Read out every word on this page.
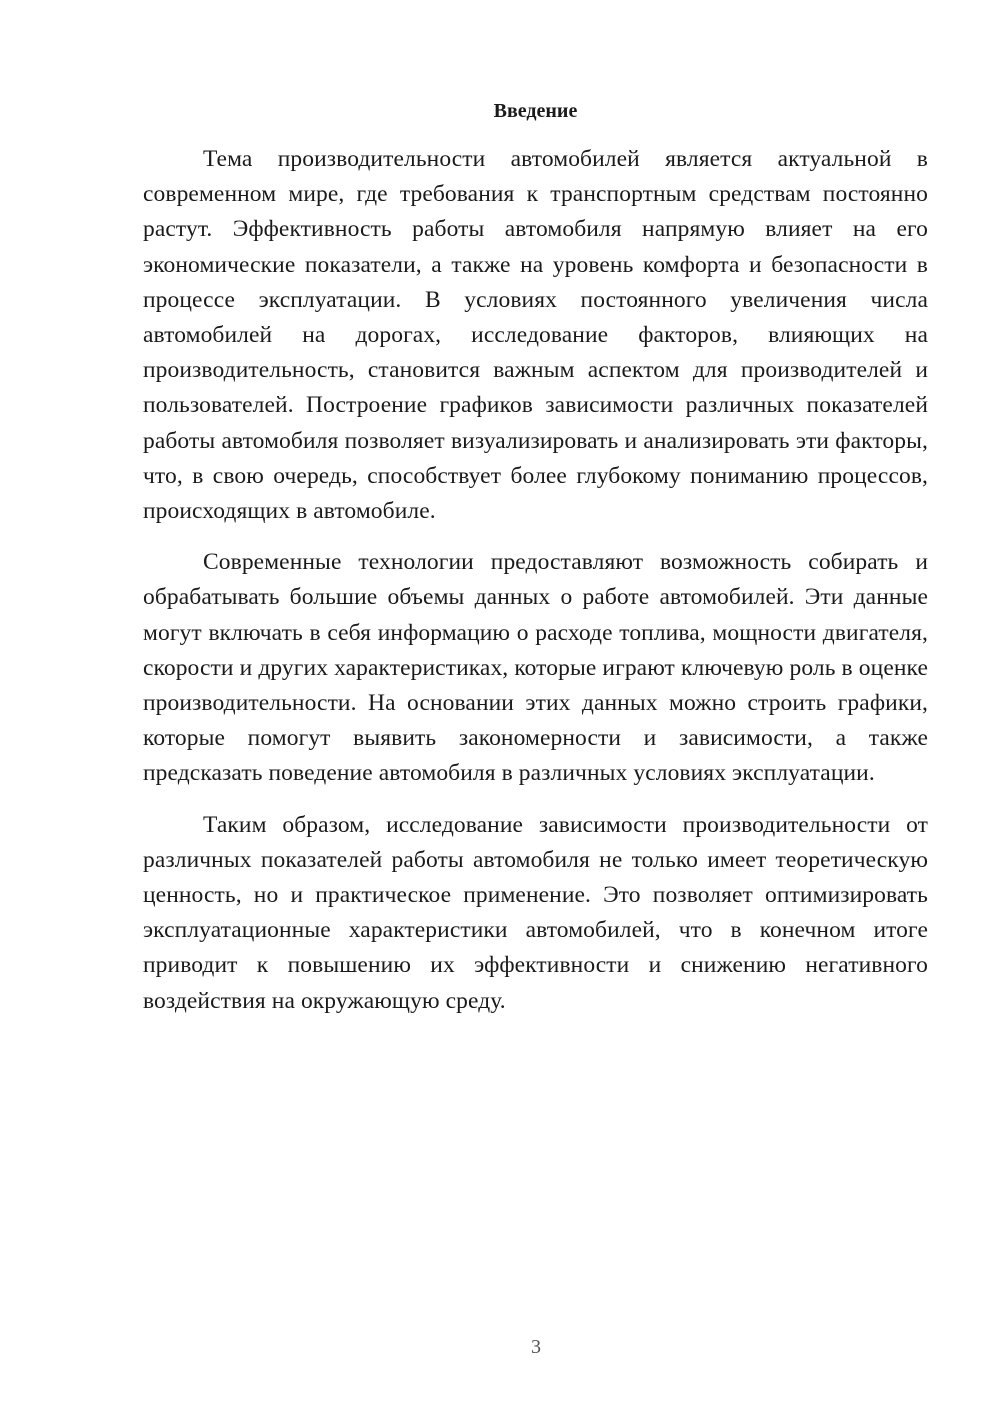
Введение

Тема производительности автомобилей является актуальной в современном мире, где требования к транспортным средствам постоянно растут. Эффективность работы автомобиля напрямую влияет на его экономические показатели, а также на уровень комфорта и безопасности в процессе эксплуатации. В условиях постоянного увеличения числа автомобилей на дорогах, исследование факторов, влияющих на производительность, становится важным аспектом для производителей и пользователей. Построение графиков зависимости различных показателей работы автомобиля позволяет визуализировать и анализировать эти факторы, что, в свою очередь, способствует более глубокому пониманию процессов, происходящих в автомобиле.

Современные технологии предоставляют возможность собирать и обрабатывать большие объемы данных о работе автомобилей. Эти данные могут включать в себя информацию о расходе топлива, мощности двигателя, скорости и других характеристиках, которые играют ключевую роль в оценке производительности. На основании этих данных можно строить графики, которые помогут выявить закономерности и зависимости, а также предсказать поведение автомобиля в различных условиях эксплуатации.

Таким образом, исследование зависимости производительности от различных показателей работы автомобиля не только имеет теоретическую ценность, но и практическое применение. Это позволяет оптимизировать эксплуатационные характеристики автомобилей, что в конечном итоге приводит к повышению их эффективности и снижению негативного воздействия на окружающую среду.

3
